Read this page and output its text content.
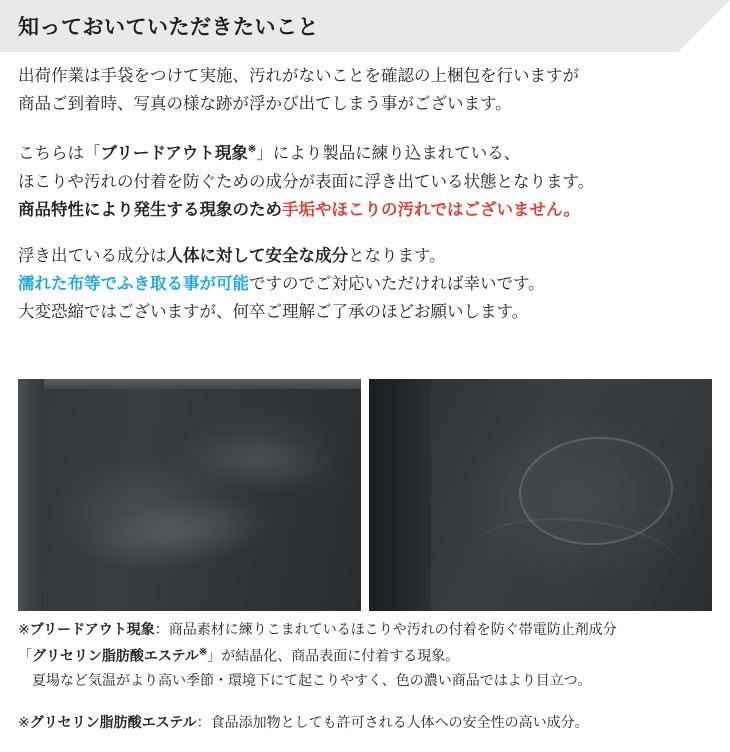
知っておいていただきたいこと
出荷作業は手袋をつけて実施、汚れがないことを確認の上梱包を行いますが
商品ご到着時、写真の様な跡が浮かび出てしまう事がございます。
こちらは「ブリードアウト現象※」により製品に練り込まれている、
ほこりや汚れの付着を防ぐための成分が表面に浮き出ている状態となります。
商品特性により発生する現象のため手垢やほこりの汚れではございません。
浮き出ている成分は人体に対して安全な成分となります。
濡れた布等でふき取る事が可能ですのでご対応いただければ幸いです。
大変恐縮ではございますが、何卒ご理解ご了承のほどお願いします。
※ブリードアウト現象：商品素材に練りこまれているほこりや汚れの付着を防ぐ帯電防止剤成分
「グリセリン脂肪酸エステル※」が結晶化、商品表面に付着する現象。
　夏場など気温がより高い季節・環境下にて起こりやすく、色の濃い商品ではより目立つ。
※グリセリン脂肪酸エステル：食品添加物としても許可される人体への安全性の高い成分。
